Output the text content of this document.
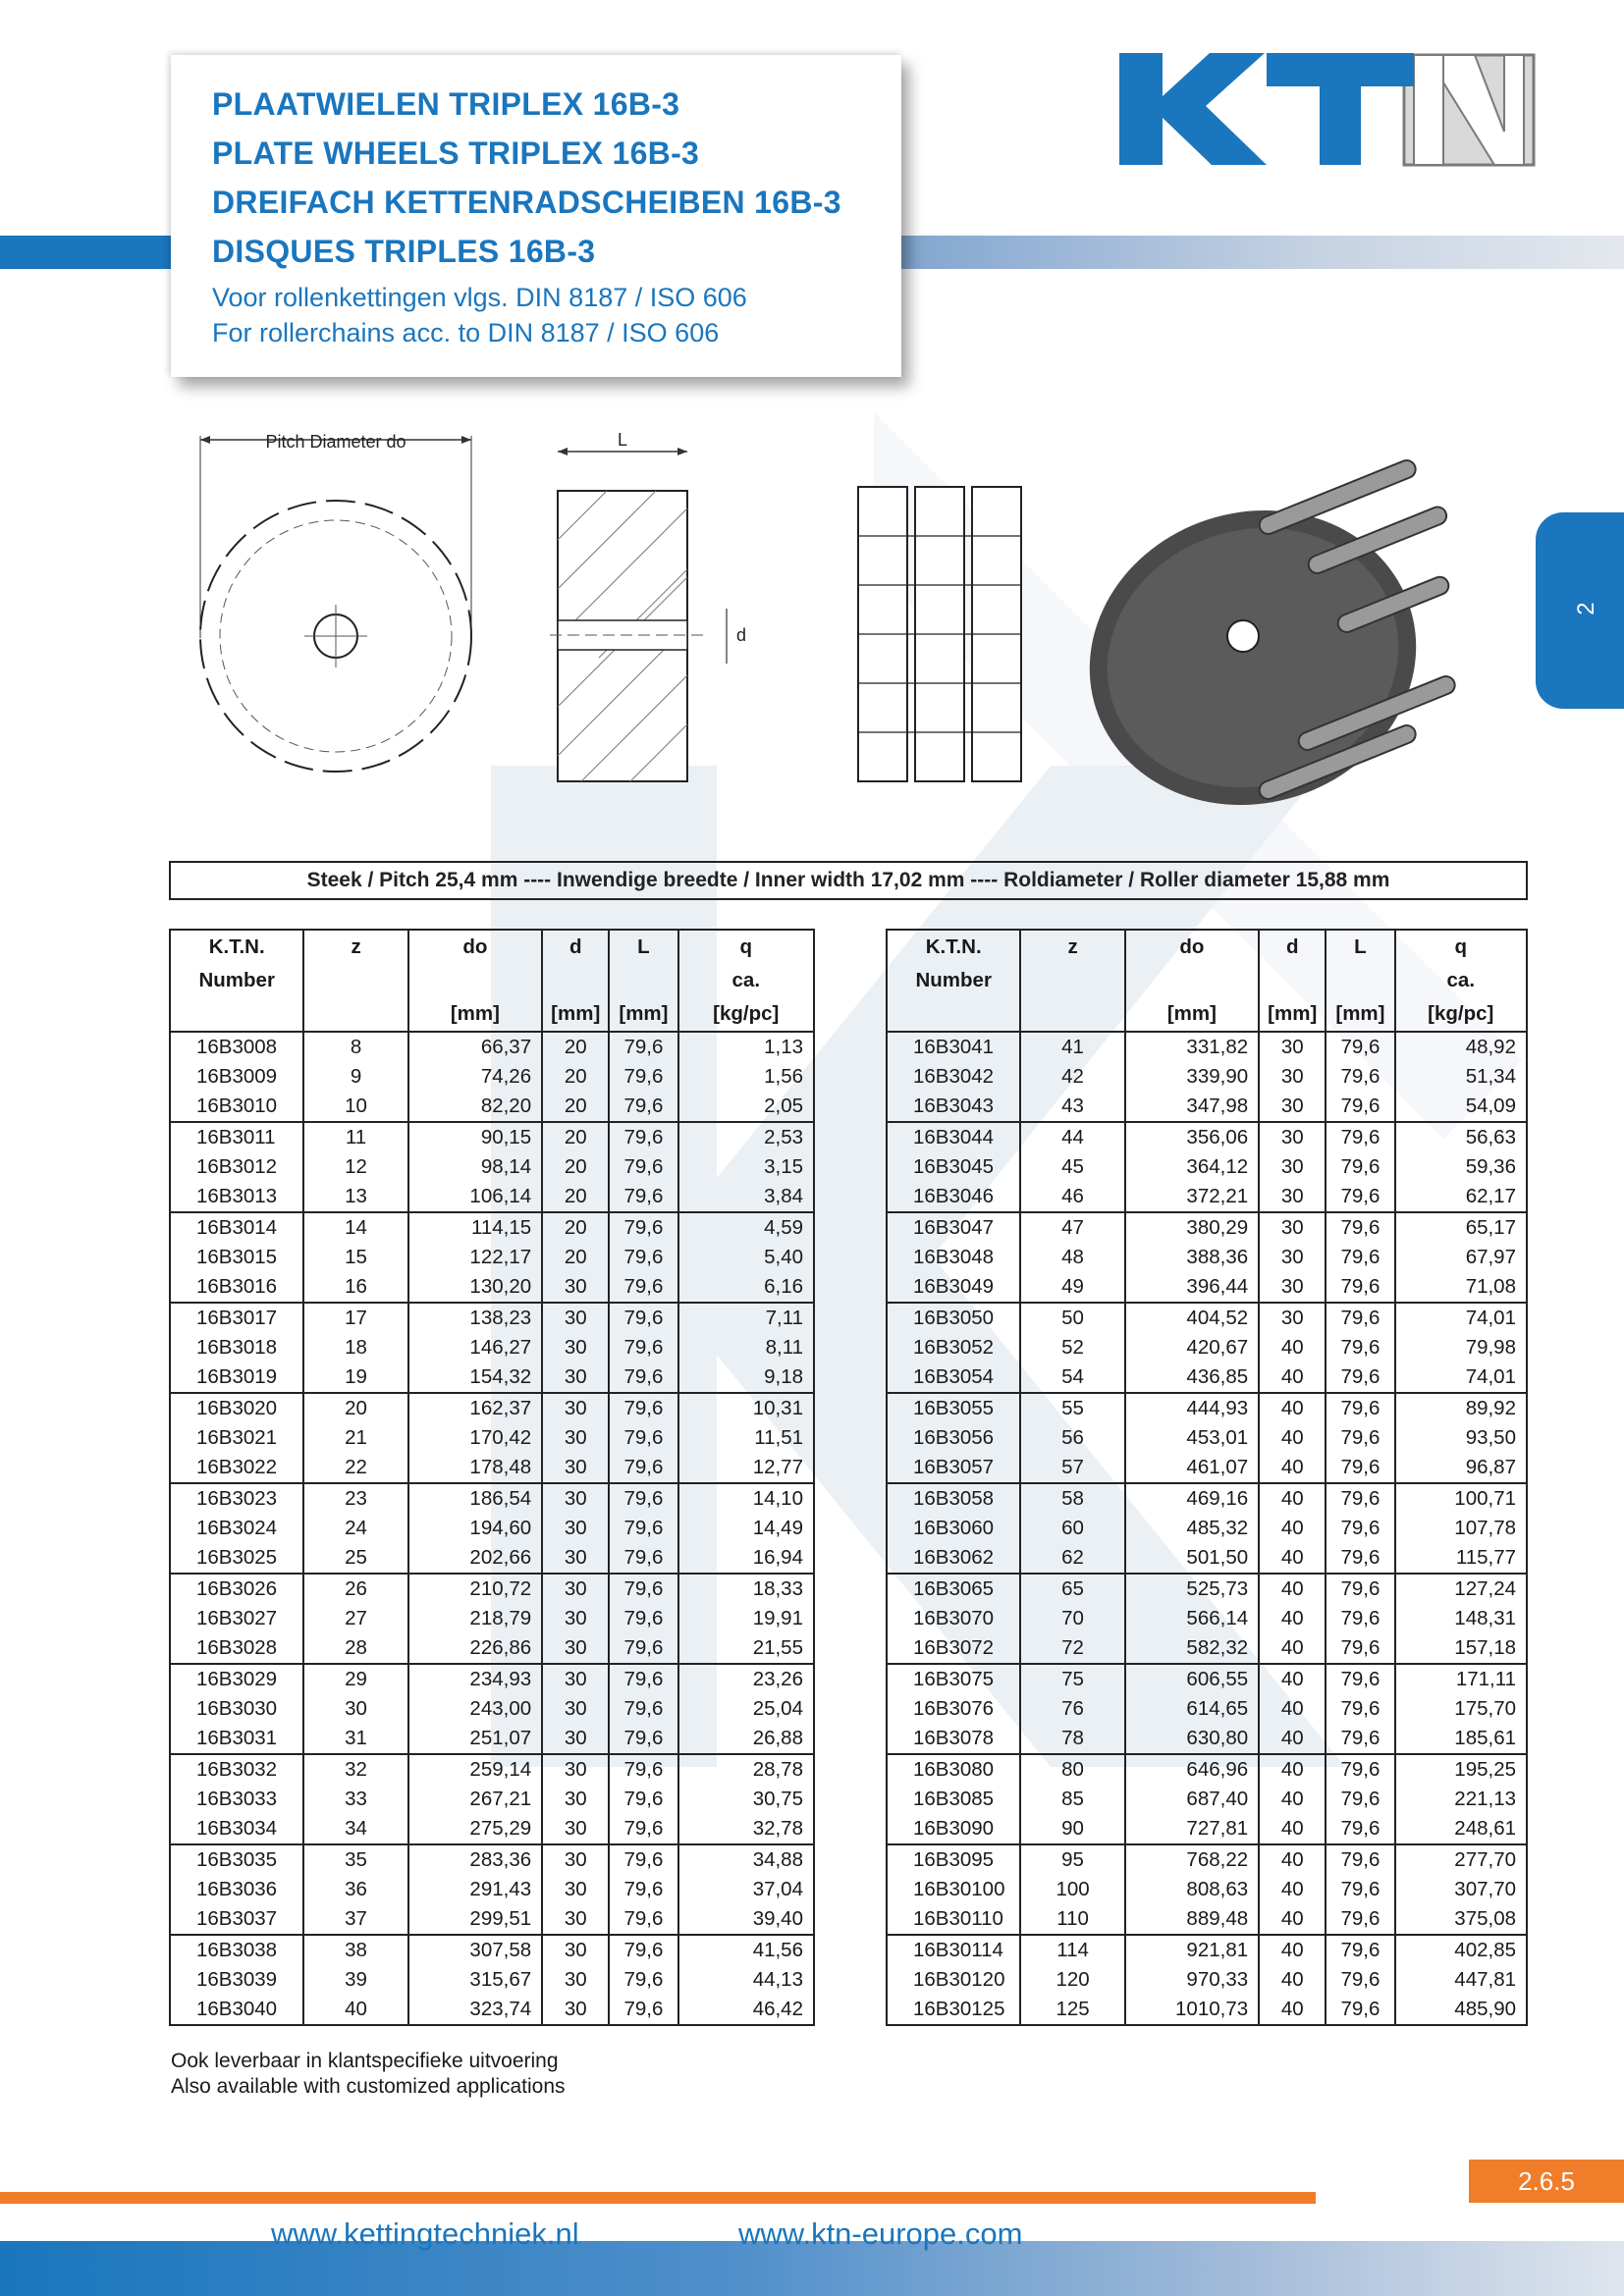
PLAATWIELEN TRIPLEX 16B-3
PLATE WHEELS TRIPLEX 16B-3
DREIFACH KETTENRADSCHEIBEN 16B-3
DISQUES TRIPLES 16B-3
Voor rollenkettingen vlgs. DIN 8187 / ISO 606
For rollerchains acc. to DIN 8187 / ISO 606
2
Pitch Diameter do	L
d
Steek / Pitch 25,4 mm ---- Inwendige breedte / Inner width 17,02 mm ---- Roldiameter / Roller diameter 15,88 mm
K.T.N.	z	do	d	L	q
Number					ca.
		[mm]	[mm]	[mm]	[kg/pc]
16B3008	8	66,37	20	79,6	1,13
16B3009	9	74,26	20	79,6	1,56
16B3010	10	82,20	20	79,6	2,05
16B3011	11	90,15	20	79,6	2,53
16B3012	12	98,14	20	79,6	3,15
16B3013	13	106,14	20	79,6	3,84
16B3014	14	114,15	20	79,6	4,59
16B3015	15	122,17	20	79,6	5,40
16B3016	16	130,20	30	79,6	6,16
16B3017	17	138,23	30	79,6	7,11
16B3018	18	146,27	30	79,6	8,11
16B3019	19	154,32	30	79,6	9,18
16B3020	20	162,37	30	79,6	10,31
16B3021	21	170,42	30	79,6	11,51
16B3022	22	178,48	30	79,6	12,77
16B3023	23	186,54	30	79,6	14,10
16B3024	24	194,60	30	79,6	14,49
16B3025	25	202,66	30	79,6	16,94
16B3026	26	210,72	30	79,6	18,33
16B3027	27	218,79	30	79,6	19,91
16B3028	28	226,86	30	79,6	21,55
16B3029	29	234,93	30	79,6	23,26
16B3030	30	243,00	30	79,6	25,04
16B3031	31	251,07	30	79,6	26,88
16B3032	32	259,14	30	79,6	28,78
16B3033	33	267,21	30	79,6	30,75
16B3034	34	275,29	30	79,6	32,78
16B3035	35	283,36	30	79,6	34,88
16B3036	36	291,43	30	79,6	37,04
16B3037	37	299,51	30	79,6	39,40
16B3038	38	307,58	30	79,6	41,56
16B3039	39	315,67	30	79,6	44,13
16B3040	40	323,74	30	79,6	46,42
K.T.N.	z	do	d	L	q
Number					ca.
		[mm]	[mm]	[mm]	[kg/pc]
16B3041	41	331,82	30	79,6	48,92
16B3042	42	339,90	30	79,6	51,34
16B3043	43	347,98	30	79,6	54,09
16B3044	44	356,06	30	79,6	56,63
16B3045	45	364,12	30	79,6	59,36
16B3046	46	372,21	30	79,6	62,17
16B3047	47	380,29	30	79,6	65,17
16B3048	48	388,36	30	79,6	67,97
16B3049	49	396,44	30	79,6	71,08
16B3050	50	404,52	30	79,6	74,01
16B3052	52	420,67	40	79,6	79,98
16B3054	54	436,85	40	79,6	74,01
16B3055	55	444,93	40	79,6	89,92
16B3056	56	453,01	40	79,6	93,50
16B3057	57	461,07	40	79,6	96,87
16B3058	58	469,16	40	79,6	100,71
16B3060	60	485,32	40	79,6	107,78
16B3062	62	501,50	40	79,6	115,77
16B3065	65	525,73	40	79,6	127,24
16B3070	70	566,14	40	79,6	148,31
16B3072	72	582,32	40	79,6	157,18
16B3075	75	606,55	40	79,6	171,11
16B3076	76	614,65	40	79,6	175,70
16B3078	78	630,80	40	79,6	185,61
16B3080	80	646,96	40	79,6	195,25
16B3085	85	687,40	40	79,6	221,13
16B3090	90	727,81	40	79,6	248,61
16B3095	95	768,22	40	79,6	277,70
16B30100	100	808,63	40	79,6	307,70
16B30110	110	889,48	40	79,6	375,08
16B30114	114	921,81	40	79,6	402,85
16B30120	120	970,33	40	79,6	447,81
16B30125	125	1010,73	40	79,6	485,90
Ook leverbaar in klantspecifieke uitvoering
Also available with customized applications
2.6.5
www.kettingtechniek.nl	www.ktn-europe.com
